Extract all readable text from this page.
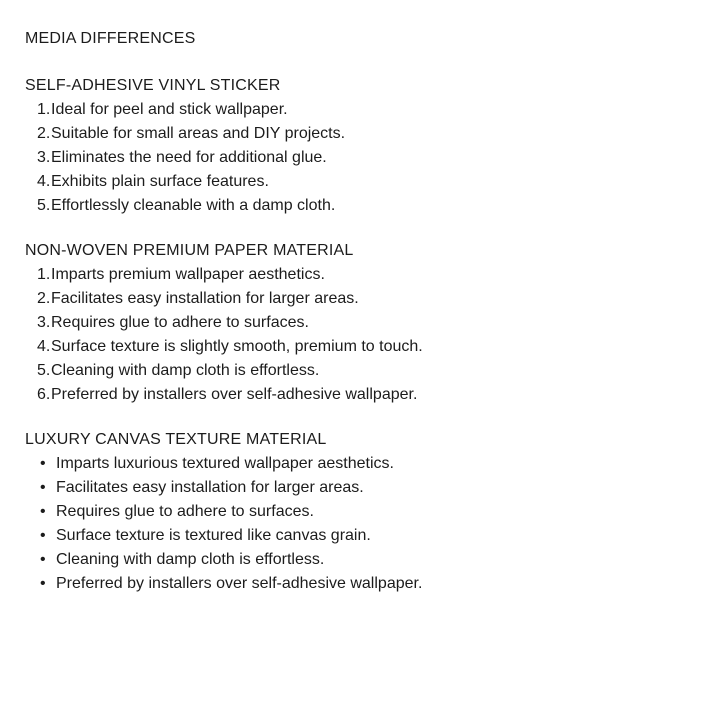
MEDIA DIFFERENCES
SELF-ADHESIVE VINYL STICKER
1. Ideal for peel and stick wallpaper.
2. Suitable for small areas and DIY projects.
3. Eliminates the need for additional glue.
4. Exhibits plain surface features.
5. Effortlessly cleanable with a damp cloth.
NON-WOVEN PREMIUM PAPER MATERIAL
1. Imparts premium wallpaper aesthetics.
2. Facilitates easy installation for larger areas.
3. Requires glue to adhere to surfaces.
4. Surface texture is slightly smooth, premium to touch.
5. Cleaning with damp cloth is effortless.
6. Preferred by installers over self-adhesive wallpaper.
LUXURY CANVAS TEXTURE MATERIAL
• Imparts luxurious textured wallpaper aesthetics.
• Facilitates easy installation for larger areas.
• Requires glue to adhere to surfaces.
• Surface texture is textured like canvas grain.
• Cleaning with damp cloth is effortless.
• Preferred by installers over self-adhesive wallpaper.
